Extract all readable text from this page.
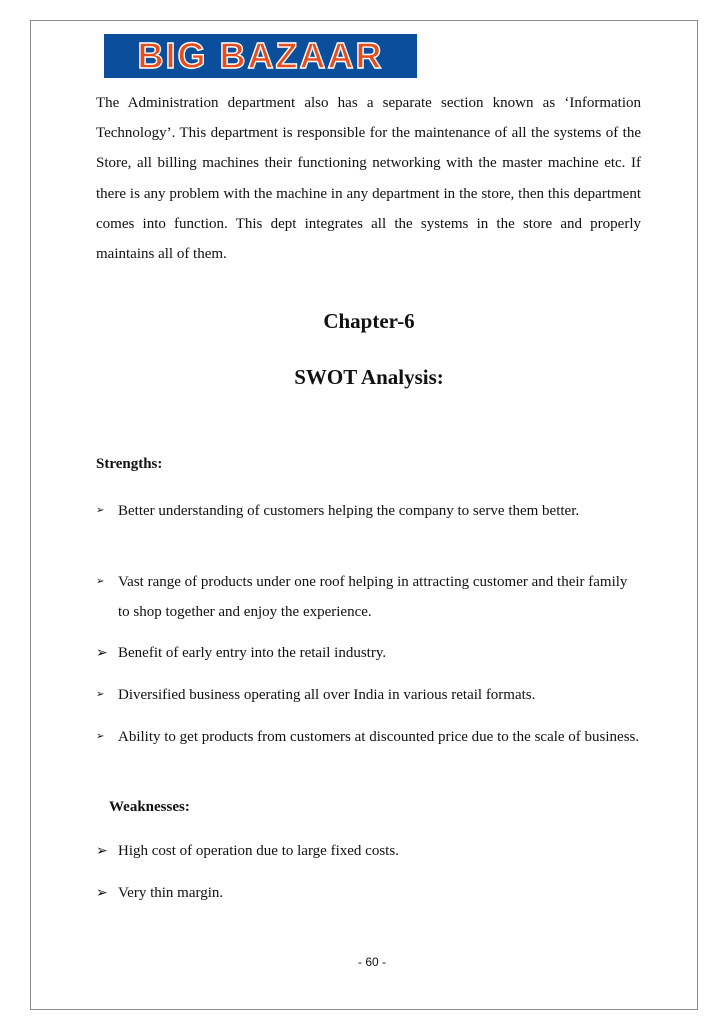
BIG BAZAAR

The Administration department also has a separate section known as ‘Information Technology’. This department is responsible for the maintenance of all the systems of the Store, all billing machines their functioning networking with the master machine etc. If there is any problem with the machine in any department in the store, then this department comes into function. This dept integrates all the systems in the store and properly maintains all of them.

Chapter-6
SWOT Analysis:
Strengths:
➢ Better understanding of customers helping the company to serve them better.
➢ Vast range of products under one roof helping in attracting customer and their family to shop together and enjoy the experience.
➢ Benefit of early entry into the retail industry.
➢ Diversified business operating all over India in various retail formats.
➢ Ability to get products from customers at discounted price due to the scale of business.
Weaknesses:
➢ High cost of operation due to large fixed costs.
➢ Very thin margin.
- 60 -
